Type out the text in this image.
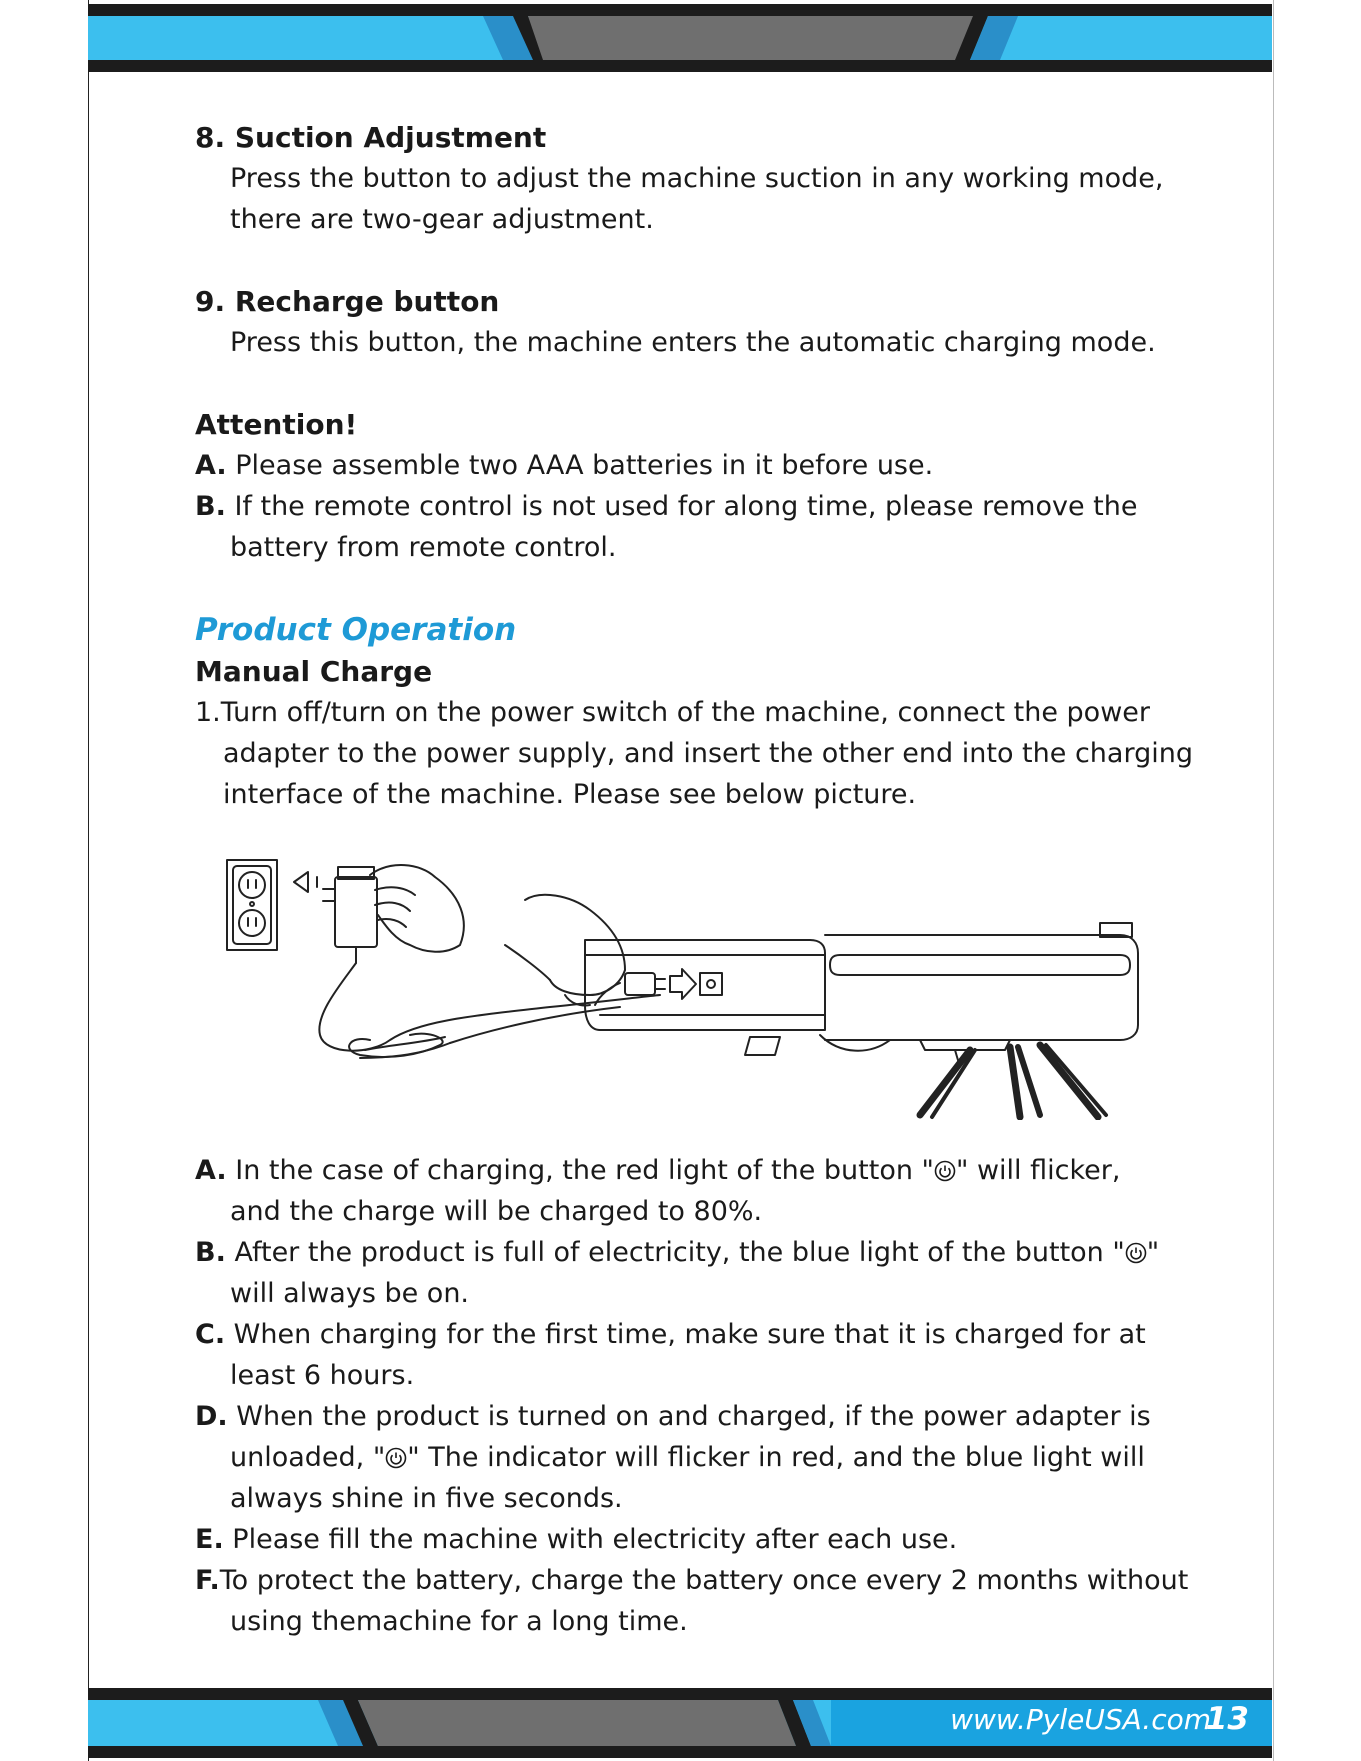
8. Suction Adjustment

Press the button to adjust the machine suction in any working mode,

there are two-gear adjustment.

9. Recharge button

Press this button, the machine enters the automatic charging mode.

Attention!

A. Please assemble two AAA batteries in it before use.

B. If the remote control is not used for along time, please remove the

battery from remote control.

Product Operation

Manual Charge

1.Turn off/turn on the power switch of the machine, connect the power

adapter to the power supply, and insert the other end into the charging

interface of the machine. Please see below picture.

A. In the case of charging, the red light of the button " " will flicker,

and the charge will be charged to 80%.

B. After the product is full of electricity, the blue light of the button " "

will always be on.

C. When charging for the first time, make sure that it is charged for at

least 6 hours.

D. When the product is turned on and charged, if the power adapter is

unloaded, " " The indicator will flicker in red, and the blue light will

always shine in five seconds.

E. Please fill the machine with electricity after each use.

F.To protect the battery, charge the battery once every 2 months without

using themachine for a long time.

www.PyleUSA.com
13
